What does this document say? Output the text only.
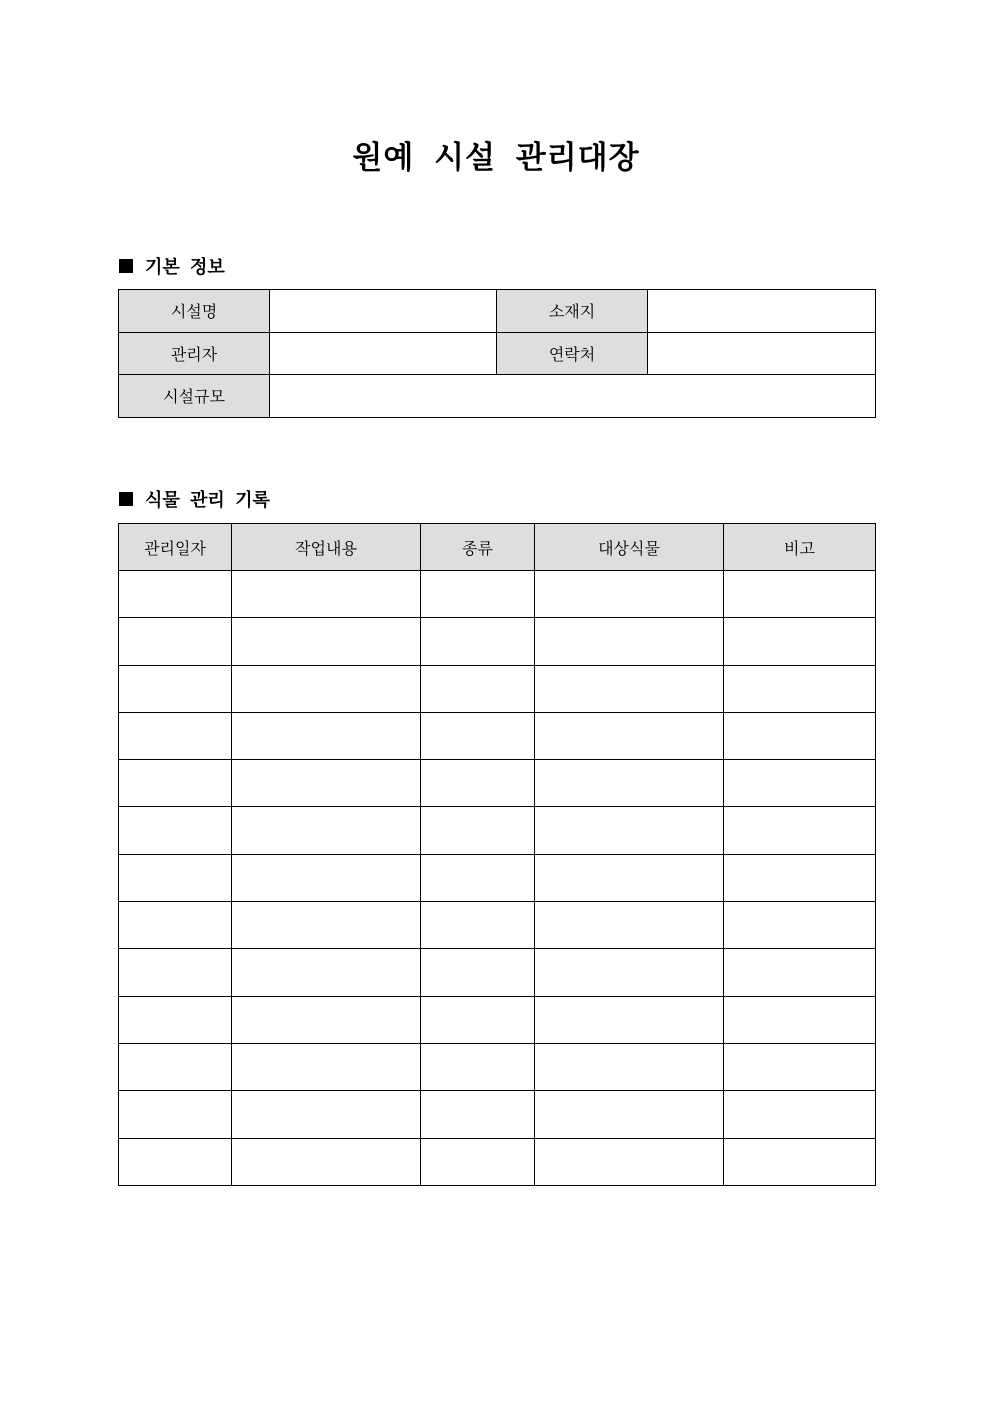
원예 시설 관리대장
기본 정보
시설명		소재지	
관리자		연락처	
시설규모			
식물 관리 기록
관리일자	작업내용	종류	대상식물	비고
